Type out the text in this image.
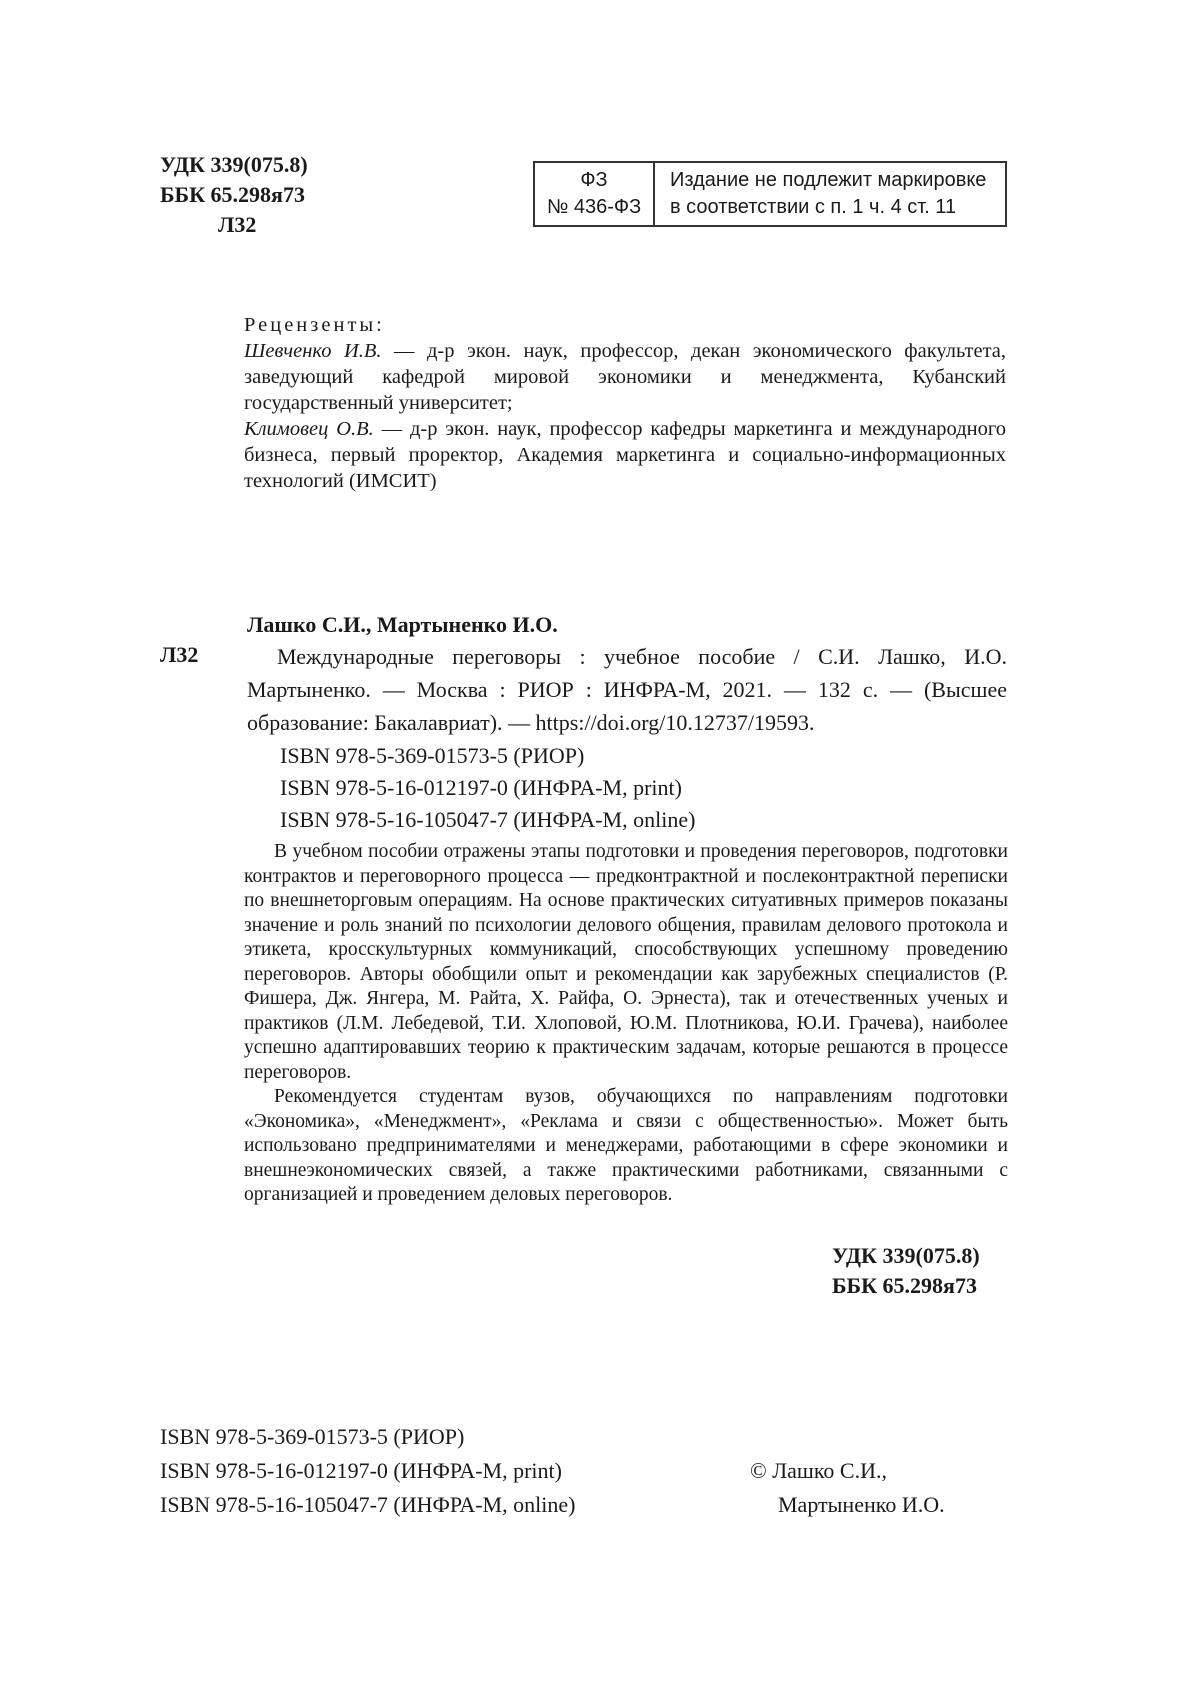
УДК 339(075.8)
ББК 65.298я73
Л32
ФЗ
№ 436-ФЗ
Издание не подлежит маркировке
в соответствии с п. 1 ч. 4 ст. 11
Рецензенты:
Шевченко И.В. — д-р экон. наук, профессор, декан экономического факультета, заведующий кафедрой мировой экономики и менеджмента, Кубанский государственный университет;
Климовец О.В. — д-р экон. наук, профессор кафедры маркетинга и международного бизнеса, первый проректор, Академия маркетинга и социально-информационных технологий (ИМСИТ)
Лашко С.И., Мартыненко И.О.
Л32	Международные переговоры : учебное пособие / С.И. Лашко, И.О. Мартыненко. — Москва : РИОР : ИНФРА-М, 2021. — 132 с. — (Высшее образование: Бакалавриат). — https://doi.org/10.12737/19593.
ISBN 978-5-369-01573-5 (РИОР)
ISBN 978-5-16-012197-0 (ИНФРА-М, print)
ISBN 978-5-16-105047-7 (ИНФРА-М, online)

В учебном пособии отражены этапы подготовки и проведения переговоров, подготовки контрактов и переговорного процесса — предконтрактной и послеконтрактной переписки по внешнеторговым операциям. На основе практических ситуативных примеров показаны значение и роль знаний по психологии делового общения, правилам делового протокола и этикета, кросскультурных коммуникаций, способствующих успешному проведению переговоров. Авторы обобщили опыт и рекомендации как зарубежных специалистов (Р. Фишера, Дж. Янгера, М. Райта, Х. Райфа, О. Эрнеста), так и отечественных ученых и практиков (Л.М. Лебедевой, Т.И. Хлоповой, Ю.М. Плотникова, Ю.И. Грачева), наиболее успешно адаптировавших теорию к практическим задачам, которые решаются в процессе переговоров.

Рекомендуется студентам вузов, обучающихся по направлениям подготовки «Экономика», «Менеджмент», «Реклама и связи с общественностью». Может быть использовано предпринимателями и менеджерами, работающими в сфере экономики и внешнеэкономических связей, а также практическими работниками, связанными с организацией и проведением деловых переговоров.

УДК 339(075.8)
ББК 65.298я73
ISBN 978-5-369-01573-5 (РИОР)
ISBN 978-5-16-012197-0 (ИНФРА-М, print)
ISBN 978-5-16-105047-7 (ИНФРА-М, online)
© Лашко С.И.,
Мартыненко И.О.
